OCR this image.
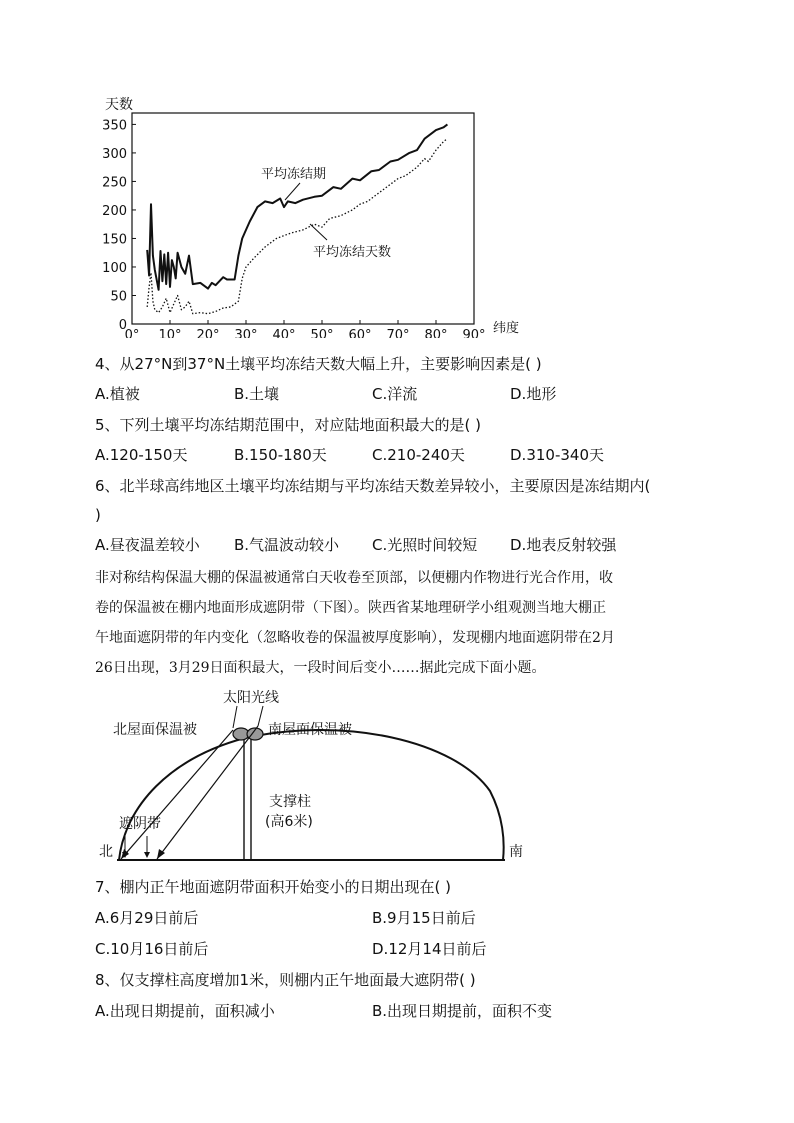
天数
0
50
100
150
200
250
300
350
0° 10° 20° 30° 40° 50° 60° 70° 80° 90° 纬度
平均冻结期
平均冻结天数
4、从27°N到37°N土壤平均冻结天数大幅上升，主要影响因素是( )
A.植被	B.土壤	C.洋流	D.地形
5、下列土壤平均冻结期范围中，对应陆地面积最大的是( )
A.120-150天	B.150-180天	C.210-240天	D.310-340天
6、北半球高纬地区土壤平均冻结期与平均冻结天数差异较小，主要原因是冻结期内(
)
A.昼夜温差较小 B.气温波动较小 C.光照时间较短 D.地表反射较强
非对称结构保温大棚的保温被通常白天收卷至顶部，以便棚内作物进行光合作用，收
卷的保温被在棚内地面形成遮阴带（下图）。陕西省某地理研学小组观测当地大棚正
午地面遮阴带的年内变化（忽略收卷的保温被厚度影响），发现棚内地面遮阴带在2月
26日出现，3月29日面积最大，一段时间后变小……据此完成下面小题。
太阳光线
北屋面保温被	南屋面保温被
支撑柱
(高6米)
遮阴带
北	南
7、棚内正午地面遮阴带面积开始变小的日期出现在( )
A.6月29日前后	B.9月15日前后
C.10月16日前后	D.12月14日前后
8、仅支撑柱高度增加1米，则棚内正午地面最大遮阴带( )
A.出现日期提前，面积减小	B.出现日期提前，面积不变
